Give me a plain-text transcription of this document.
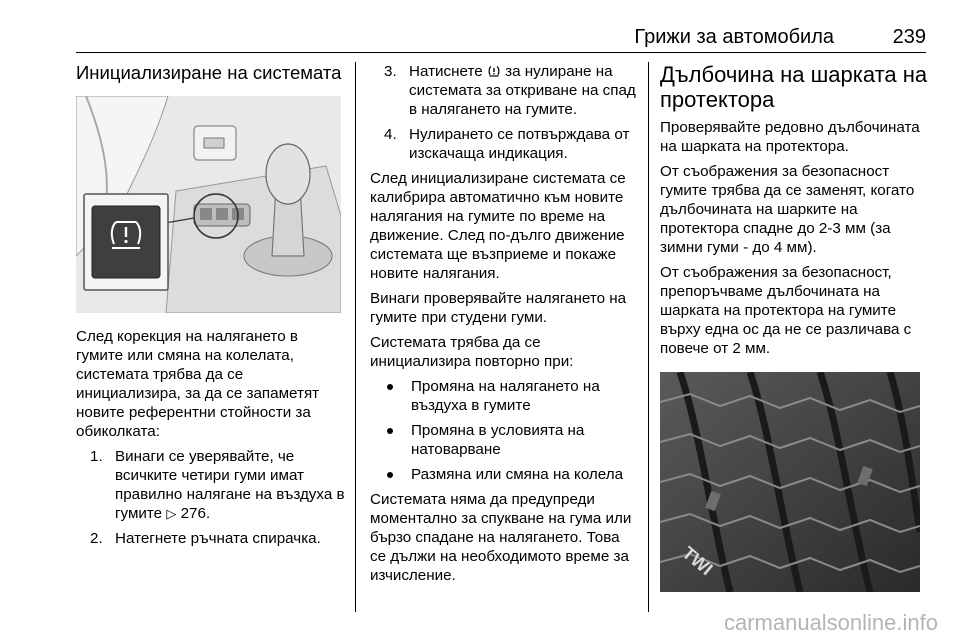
Грижи за автомобила	239
Инициализиране на системата

След корекция на налягането в гумите или смяна на колелата, системата трябва да се инициализира, за да се запаметят новите референтни стойности за обиколката:

1. Винаги се уверявайте, че всичките четири гуми имат правилно налягане на въздуха в гумите ▷ 276.
2. Натегнете ръчната спирачка.
3. Натиснете за нулиране на системата за откриване на спад в налягането на гумите.
4. Нулирането се потвърждава от изскачаща индикация.

След инициализиране системата се калибрира автоматично към новите налягания на гумите по време на движение. След по-дълго движение системата ще възприеме и покаже новите налягания.

Винаги проверявайте налягането на гумите при студени гуми.

Системата трябва да се инициализира повторно при:

Промяна на налягането на въздуха в гумите
Промяна в условията на натоварване
Размяна или смяна на колела

Системата няма да предупреди моментално за спукване на гума или бързо спадане на налягането. Това се дължи на необходимото време за изчисление.

Дълбочина на шарката на протектора

Проверявайте редовно дълбочината на шарката на протектора.

От съображения за безопасност гумите трябва да се заменят, когато дълбочината на шарките на протектора спадне до 2-3 мм (за зимни гуми - до 4 мм).

От съображения за безопасност, препоръчваме дълбочината на шарката на протектора на гумите върху една ос да не се различава с повече от 2 мм.

TWI
carmanualsonline.info
